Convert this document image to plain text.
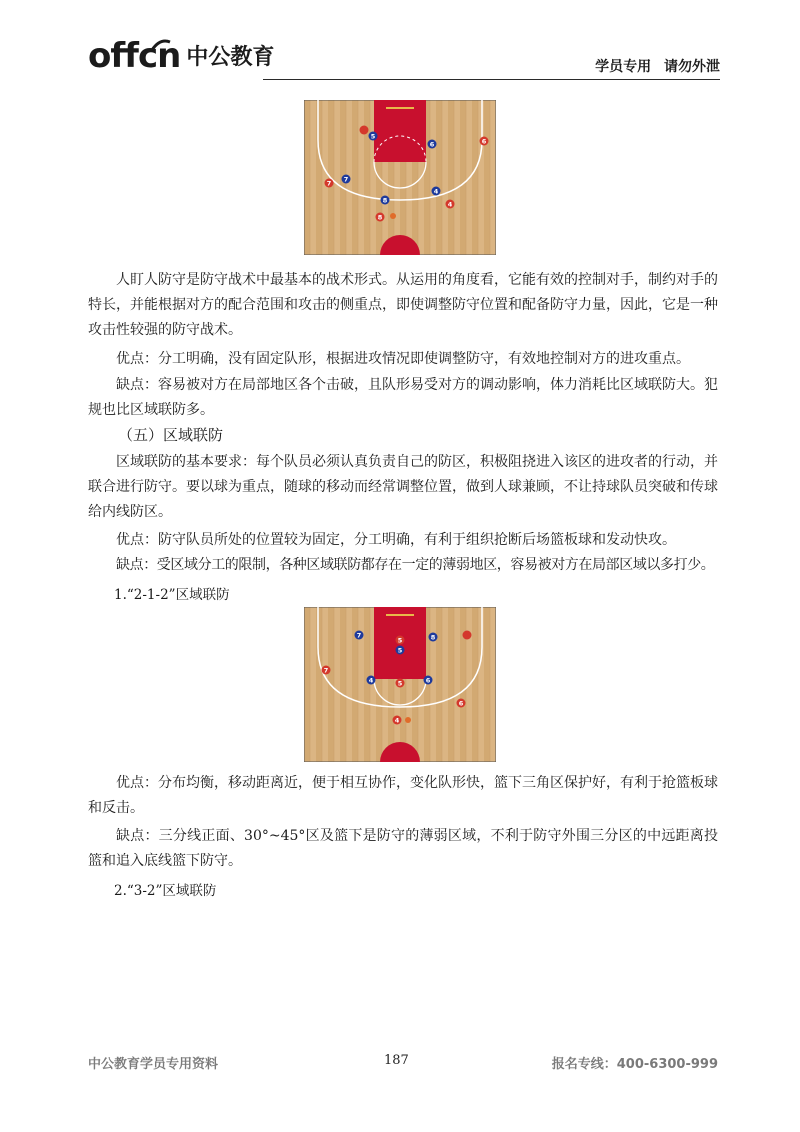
offcn 中公教育	学员专用 请勿外泄
5
6	6
7
7
8
4
4
8

人盯人防守是防守战术中最基本的战术形式。从运用的角度看，它能有效的控制对手，制约对手的特长，并能根据对方的配合范围和攻击的侧重点，即使调整防守位置和配备防守力量，因此，它是一种攻击性较强的防守战术。

优点：分工明确，没有固定队形，根据进攻情况即使调整防守，有效地控制对方的进攻重点。

缺点：容易被对方在局部地区各个击破，且队形易受对方的调动影响，体力消耗比区域联防大。犯规也比区域联防多。

（五）区域联防

区域联防的基本要求：每个队员必须认真负责自己的防区，积极阻挠进入该区的进攻者的行动，并联合进行防守。要以球为重点，随球的移动而经常调整位置，做到人球兼顾，不让持球队员突破和传球给内线防区。

优点：防守队员所处的位置较为固定，分工明确，有利于组织抢断后场篮板球和发动快攻。

缺点：受区域分工的限制，各种区域联防都存在一定的薄弱地区，容易被对方在局部区域以多打少。

1.“2-1-2”区域联防

7
5
5
8
7
4	5	6
6
4

优点：分布均衡，移动距离近，便于相互协作，变化队形快，篮下三角区保护好，有利于抢篮板球和反击。

缺点：三分线正面、30°~45°区及篮下是防守的薄弱区域，不利于防守外围三分区的中远距离投篮和追入底线篮下防守。

2.“3-2”区域联防

中公教育学员专用资料	187	报名专线：400-6300-999
